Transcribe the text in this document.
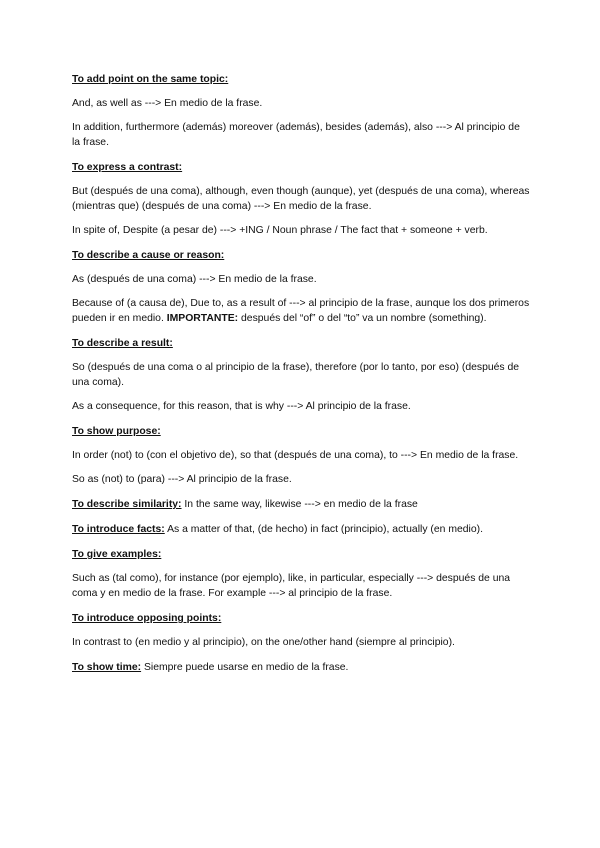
To add point on the same topic:

And, as well as ---> En medio de la frase.

In addition, furthermore (además) moreover (además), besides (además), also ---> Al principio de la frase.

To express a contrast:

But (después de una coma), although, even though (aunque), yet (después de una coma), whereas (mientras que) (después de una coma) ---> En medio de la frase.

In spite of, Despite (a pesar de) ---> +ING / Noun phrase / The fact that + someone + verb.

To describe a cause or reason:

As (después de una coma) ---> En medio de la frase.

Because of (a causa de), Due to, as a result of ---> al principio de la frase, aunque los dos primeros pueden ir en medio. IMPORTANTE: después del “of” o del “to” va un nombre (something).

To describe a result:

So (después de una coma o al principio de la frase), therefore (por lo tanto, por eso) (después de una coma).

As a consequence, for this reason, that is why ---> Al principio de la frase.

To show purpose:

In order (not) to (con el objetivo de), so that (después de una coma), to ---> En medio de la frase.

So as (not) to (para) ---> Al principio de la frase.

To describe similarity: In the same way, likewise ---> en medio de la frase

To introduce facts: As a matter of that, (de hecho) in fact (principio), actually (en medio).

To give examples:

Such as (tal como), for instance (por ejemplo), like, in particular, especially ---> después de una coma y en medio de la frase. For example ---> al principio de la frase.

To introduce opposing points:

In contrast to (en medio y al principio), on the one/other hand (siempre al principio).

To show time: Siempre puede usarse en medio de la frase.
